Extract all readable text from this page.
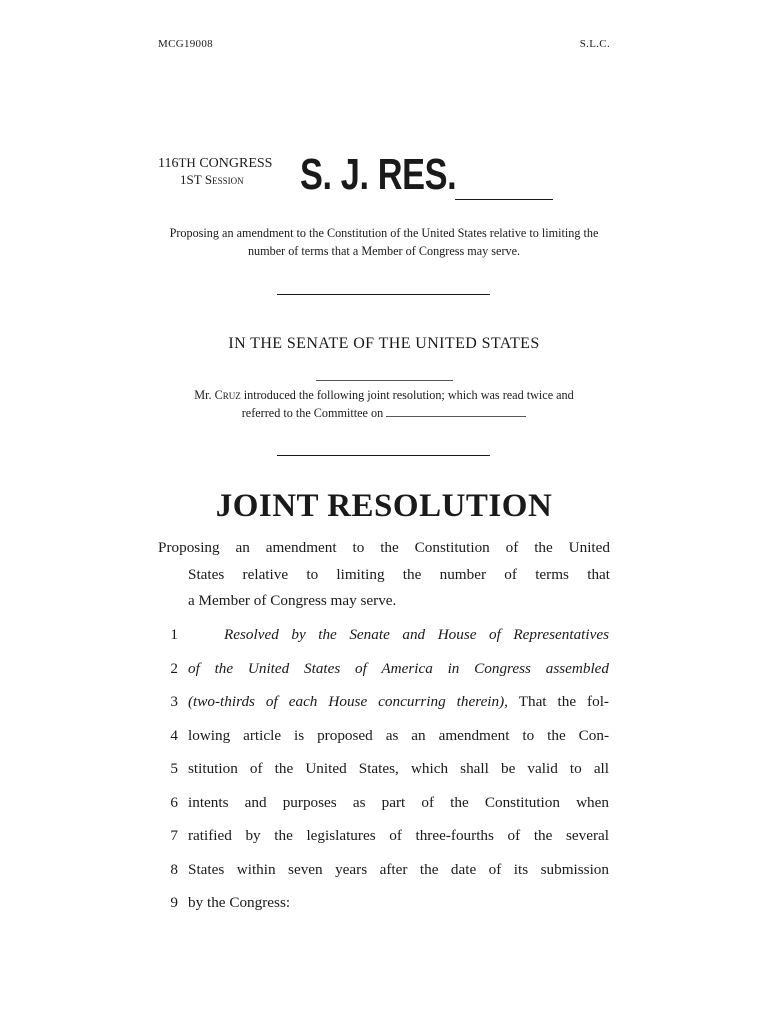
MCG19008	S.L.C.
116TH CONGRESS
1ST Session	S. J. RES.
Proposing an amendment to the Constitution of the United States relative to limiting the number of terms that a Member of Congress may serve.
IN THE SENATE OF THE UNITED STATES
Mr. Cruz introduced the following joint resolution; which was read twice and
referred to the Committee on
JOINT RESOLUTION
Proposing an amendment to the Constitution of the United
States relative to limiting the number of terms that
a Member of Congress may serve.
1	Resolved by the Senate and House of Representatives
2 of the United States of America in Congress assembled
3 (two-thirds of each House concurring therein), That the fol-
4 lowing article is proposed as an amendment to the Con-
5 stitution of the United States, which shall be valid to all
6 intents and purposes as part of the Constitution when
7 ratified by the legislatures of three-fourths of the several
8 States within seven years after the date of its submission
9 by the Congress:
